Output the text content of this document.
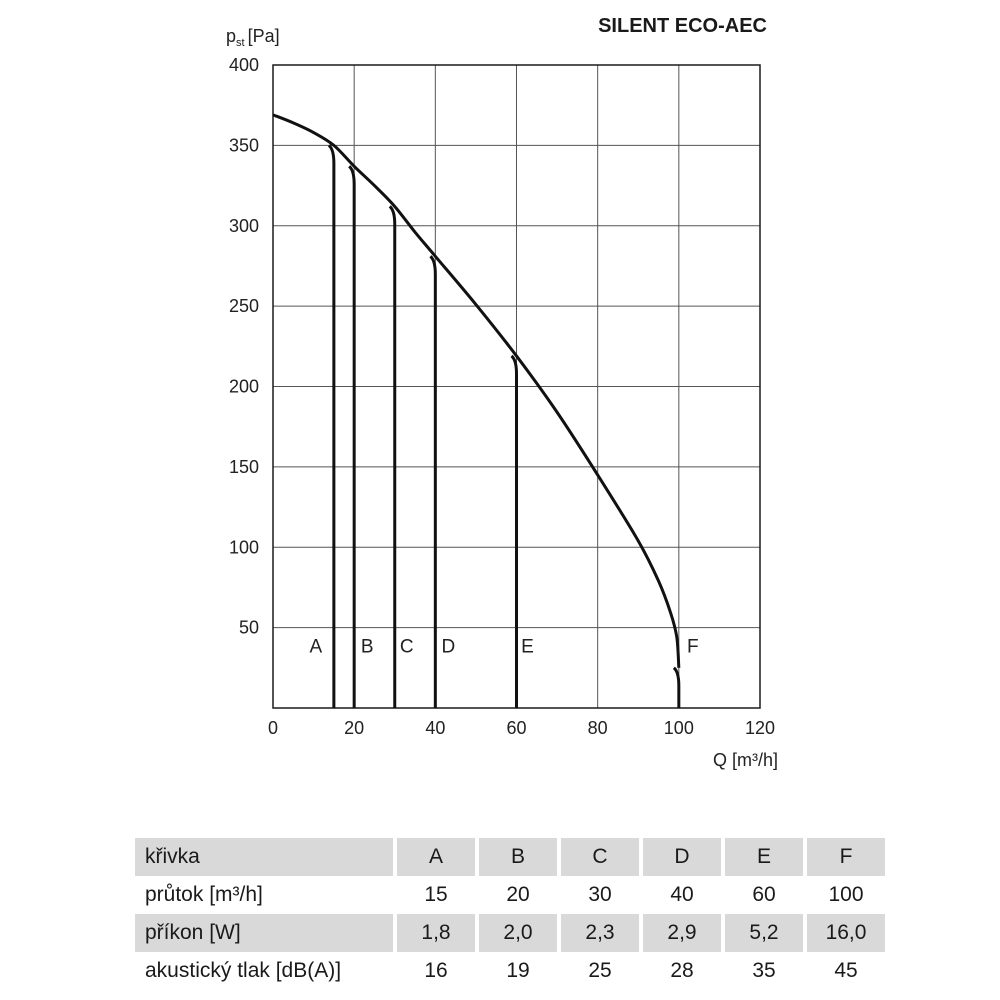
0	20	40	60	80	100	120
50
100
150
200
250
300
350
400
A B C D	E	F
SILENT ECO-AEC
$p_{st}$ [Pa]
Q [m³/h]
křivka	A	B	C	D	E	F
průtok [m³/h]	15	20	30	40	60	100
příkon [W]	1,8	2,0	2,3	2,9	5,2	16,0
akustický tlak [dB(A)]	16	19	25	28	35	45
